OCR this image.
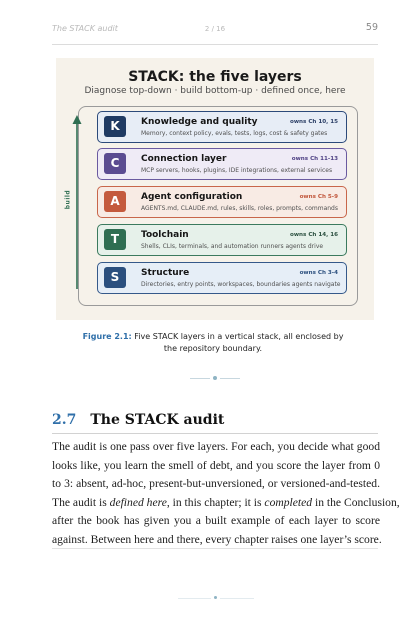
The STACK audit	2 / 16	59
STACK: the five layers
Diagnose top-down · build bottom-up · defined once, here
build
K	Knowledge and quality	owns Ch 10, 15
Memory, context policy, evals, tests, logs, cost & safety gates
C	Connection layer	owns Ch 11-13
MCP servers, hooks, plugins, IDE integrations, external services
A	Agent configuration	owns Ch 5-9
AGENTS.md, CLAUDE.md, rules, skills, roles, prompts, commands
T	Toolchain	owns Ch 14, 16
Shells, CLIs, terminals, and automation runners agents drive
S	Structure	owns Ch 3-4
Directories, entry points, workspaces, boundaries agents navigate
Figure 2.1: Five STACK layers in a vertical stack, all enclosed by the repository boundary.
2.7 The STACK audit
The audit is one pass over five layers. For each, you decide what good
looks like, you learn the smell of debt, and you score the layer from 0
to 3: absent, ad-hoc, present-but-unversioned, or versioned-and-tested.
The audit is defined here, in this chapter; it is completed in the Conclusion,
after the book has given you a built example of each layer to score
against. Between here and there, every chapter raises one layer’s score.
